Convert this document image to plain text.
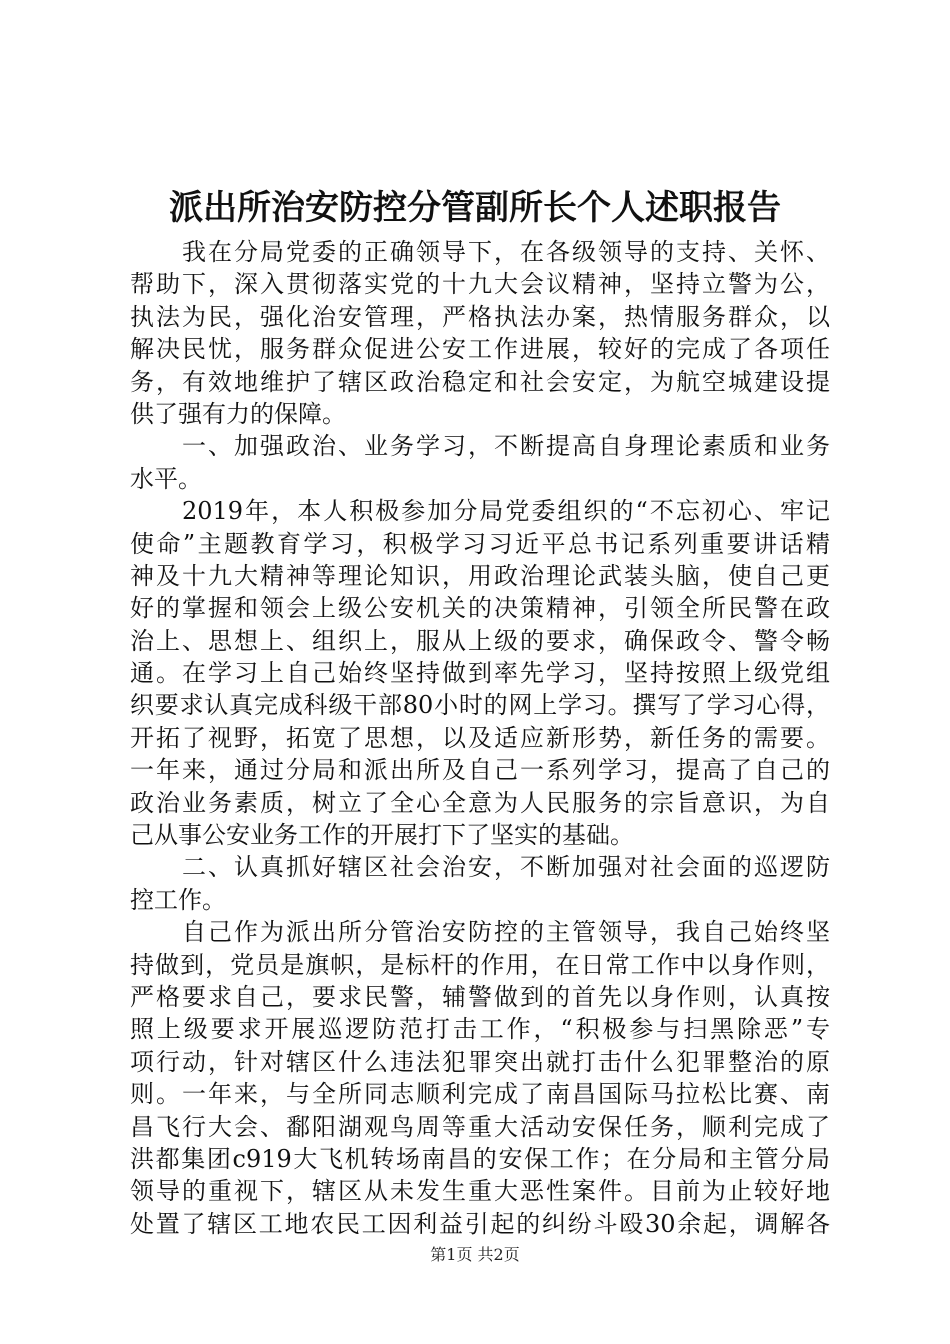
派出所治安防控分管副所长个人述职报告
我在分局党委的正确领导下，在各级领导的支持、关怀、
帮助下，深入贯彻落实党的十九大会议精神，坚持立警为公，
执法为民，强化治安管理，严格执法办案，热情服务群众，以
解决民忧，服务群众促进公安工作进展，较好的完成了各项任
务，有效地维护了辖区政治稳定和社会安定，为航空城建设提
供了强有力的保障。
一、加强政治、业务学习，不断提高自身理论素质和业务
水平。
2019年，本人积极参加分局党委组织的“不忘初心、牢记
使命”主题教育学习，积极学习习近平总书记系列重要讲话精
神及十九大精神等理论知识，用政治理论武装头脑，使自己更
好的掌握和领会上级公安机关的决策精神，引领全所民警在政
治上、思想上、组织上，服从上级的要求，确保政令、警令畅
通。在学习上自己始终坚持做到率先学习，坚持按照上级党组
织要求认真完成科级干部80小时的网上学习。撰写了学习心得，
开拓了视野，拓宽了思想，以及适应新形势，新任务的需要。
一年来，通过分局和派出所及自己一系列学习，提高了自己的
政治业务素质，树立了全心全意为人民服务的宗旨意识，为自
己从事公安业务工作的开展打下了坚实的基础。
二、认真抓好辖区社会治安，不断加强对社会面的巡逻防
控工作。
自己作为派出所分管治安防控的主管领导，我自己始终坚
持做到，党员是旗帜，是标杆的作用，在日常工作中以身作则，
严格要求自己，要求民警，辅警做到的首先以身作则，认真按
照上级要求开展巡逻防范打击工作，“积极参与扫黑除恶”专
项行动，针对辖区什么违法犯罪突出就打击什么犯罪整治的原
则。一年来，与全所同志顺利完成了南昌国际马拉松比赛、南
昌飞行大会、鄱阳湖观鸟周等重大活动安保任务，顺利完成了
洪都集团c919大飞机转场南昌的安保工作；在分局和主管分局
领导的重视下，辖区从未发生重大恶性案件。目前为止较好地
处置了辖区工地农民工因利益引起的纠纷斗殴30余起，调解各
第1页 共2页
